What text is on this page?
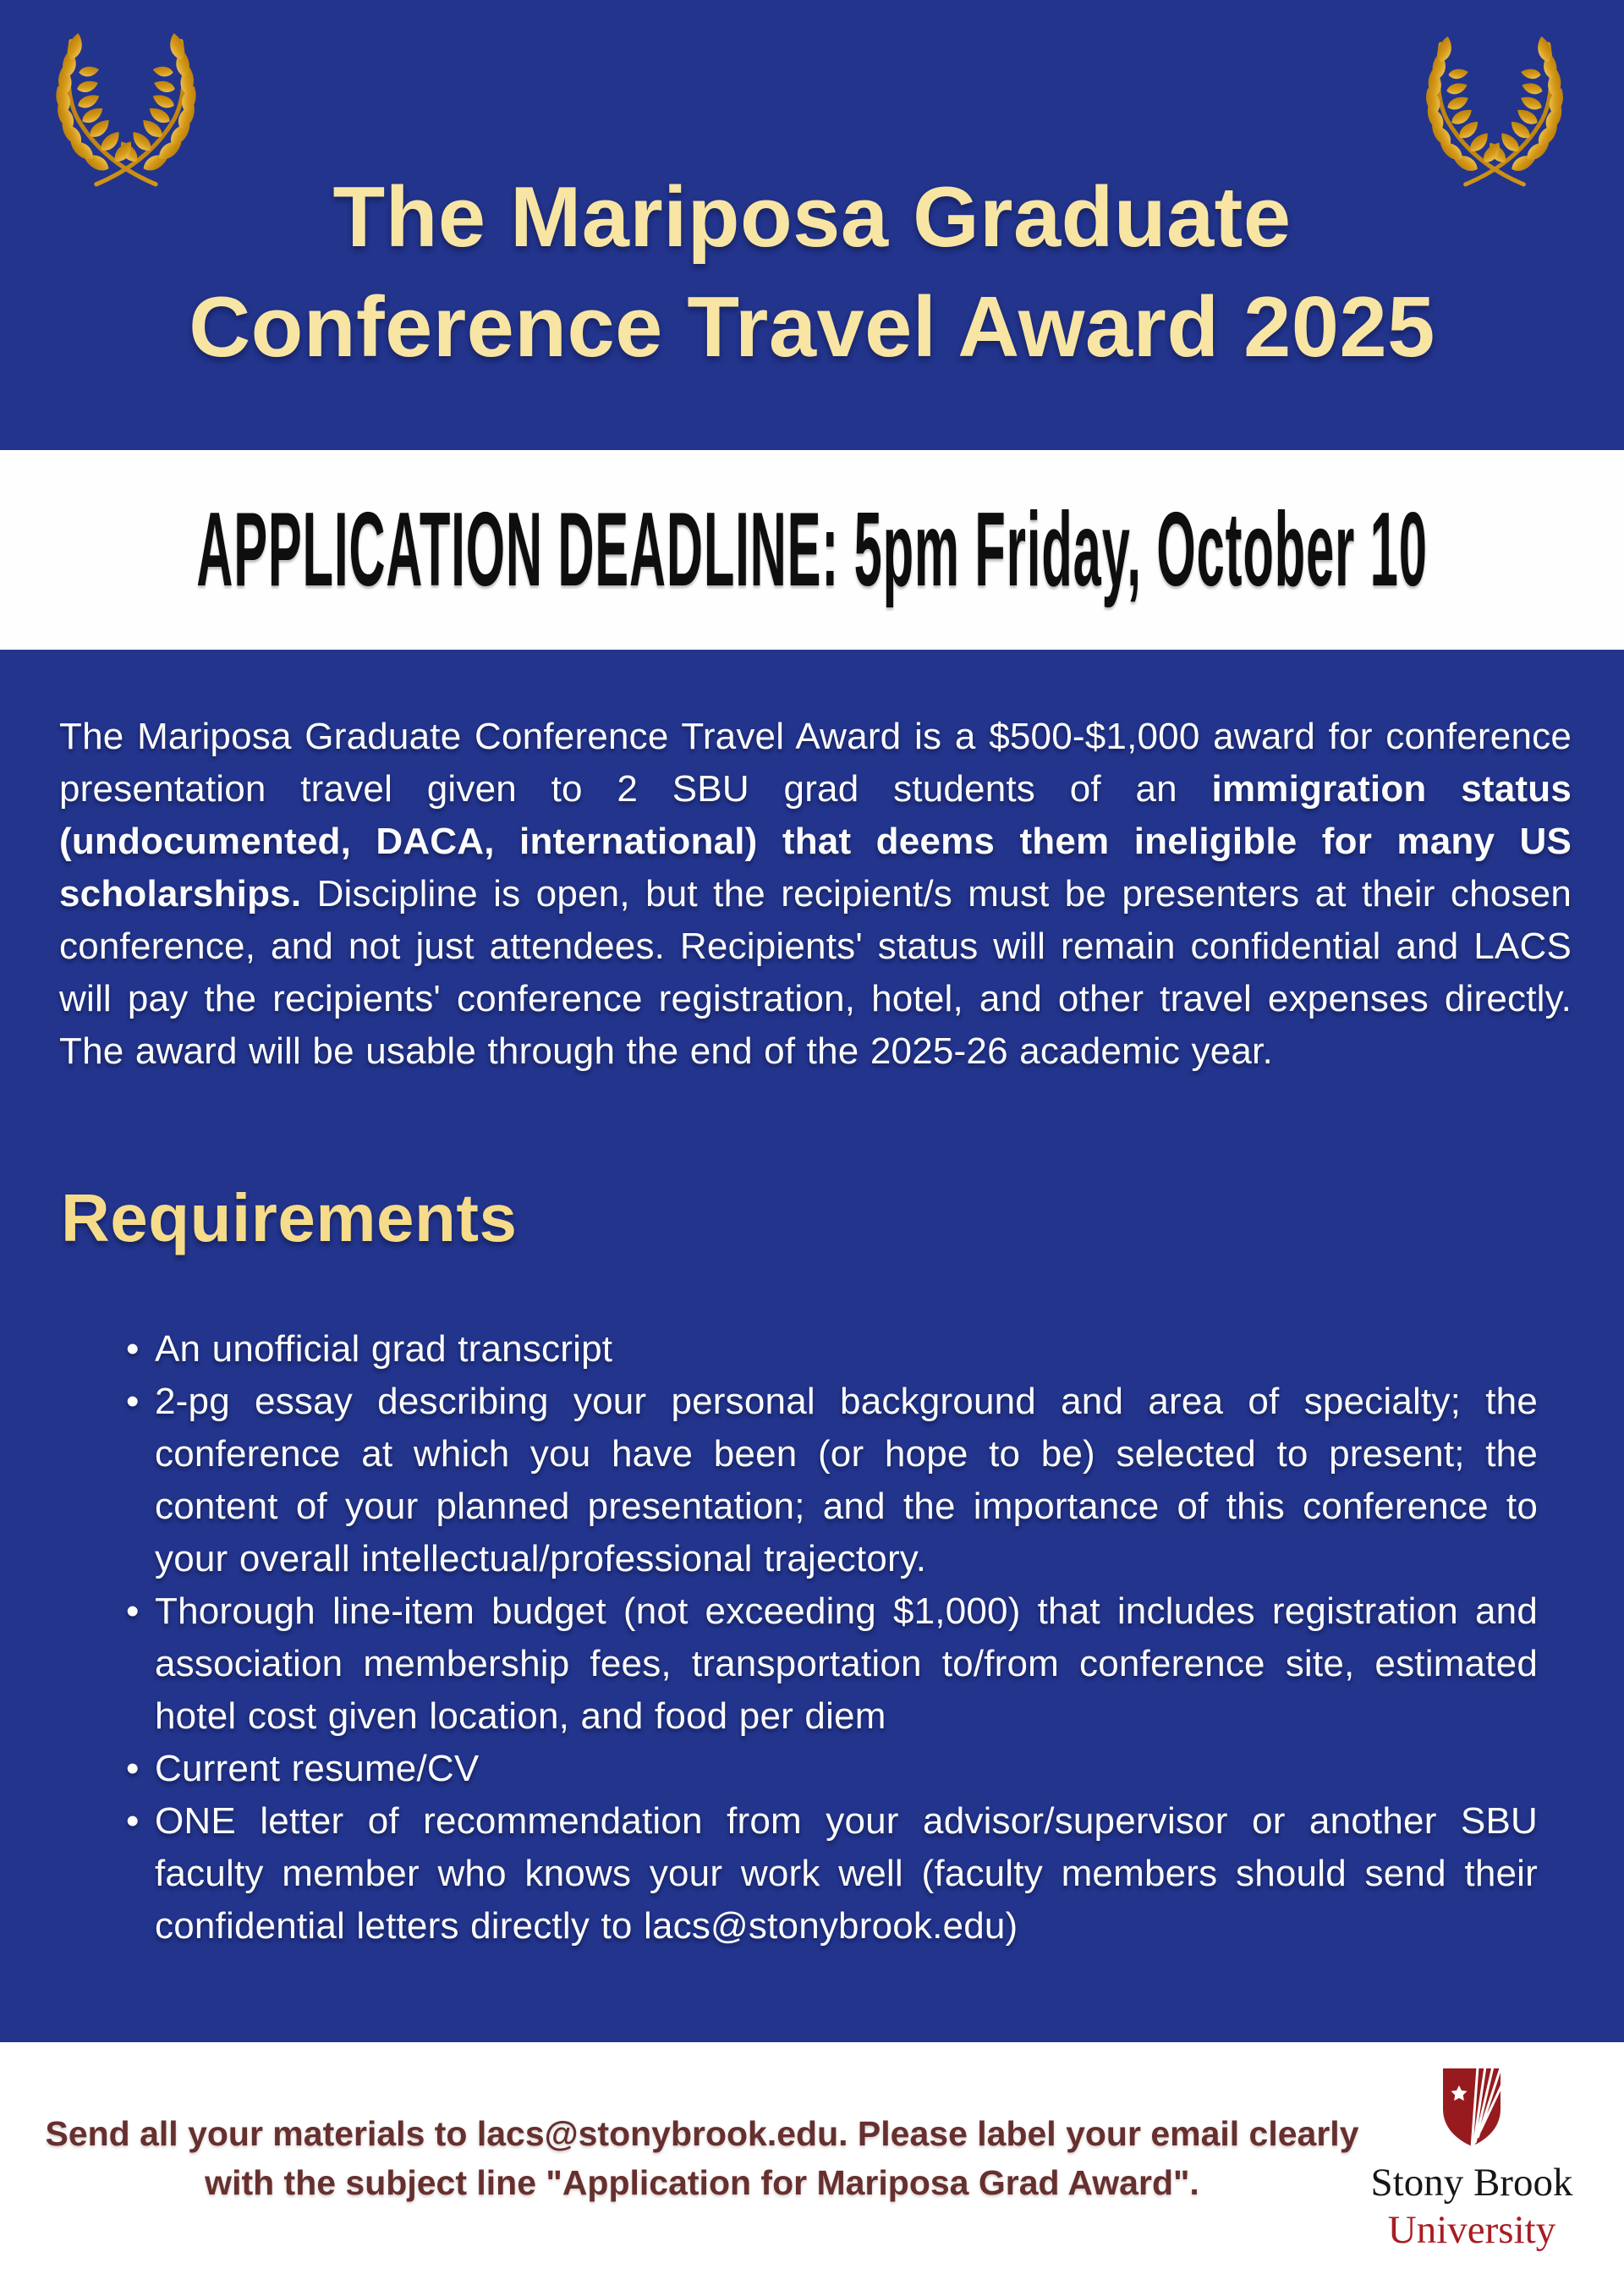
The Mariposa Graduate
Conference Travel Award 2025
APPLICATION DEADLINE: 5pm Friday, October 10

The Mariposa Graduate Conference Travel Award is a $500-$1,000 award for conference presentation travel given to 2 SBU grad students of an immigration status (undocumented, DACA, international) that deems them ineligible for many US scholarships. Discipline is open, but the recipient/s must be presenters at their chosen conference, and not just attendees. Recipients' status will remain confidential and LACS will pay the recipients' conference registration, hotel, and other travel expenses directly. The award will be usable through the end of the 2025-26 academic year.

Requirements
• An unofficial grad transcript
• 2-pg essay describing your personal background and area of specialty; the conference at which you have been (or hope to be) selected to present; the content of your planned presentation; and the importance of this conference to your overall intellectual/professional trajectory.
• Thorough line-item budget (not exceeding $1,000) that includes registration and association membership fees, transportation to/from conference site, estimated hotel cost given location, and food per diem
• Current resume/CV
• ONE letter of recommendation from your advisor/supervisor or another SBU faculty member who knows your work well (faculty members should send their confidential letters directly to lacs@stonybrook.edu)
Send all your materials to lacs@stonybrook.edu. Please label your email clearly with the subject line "Application for Mariposa Grad Award".	Stony Brook
University
